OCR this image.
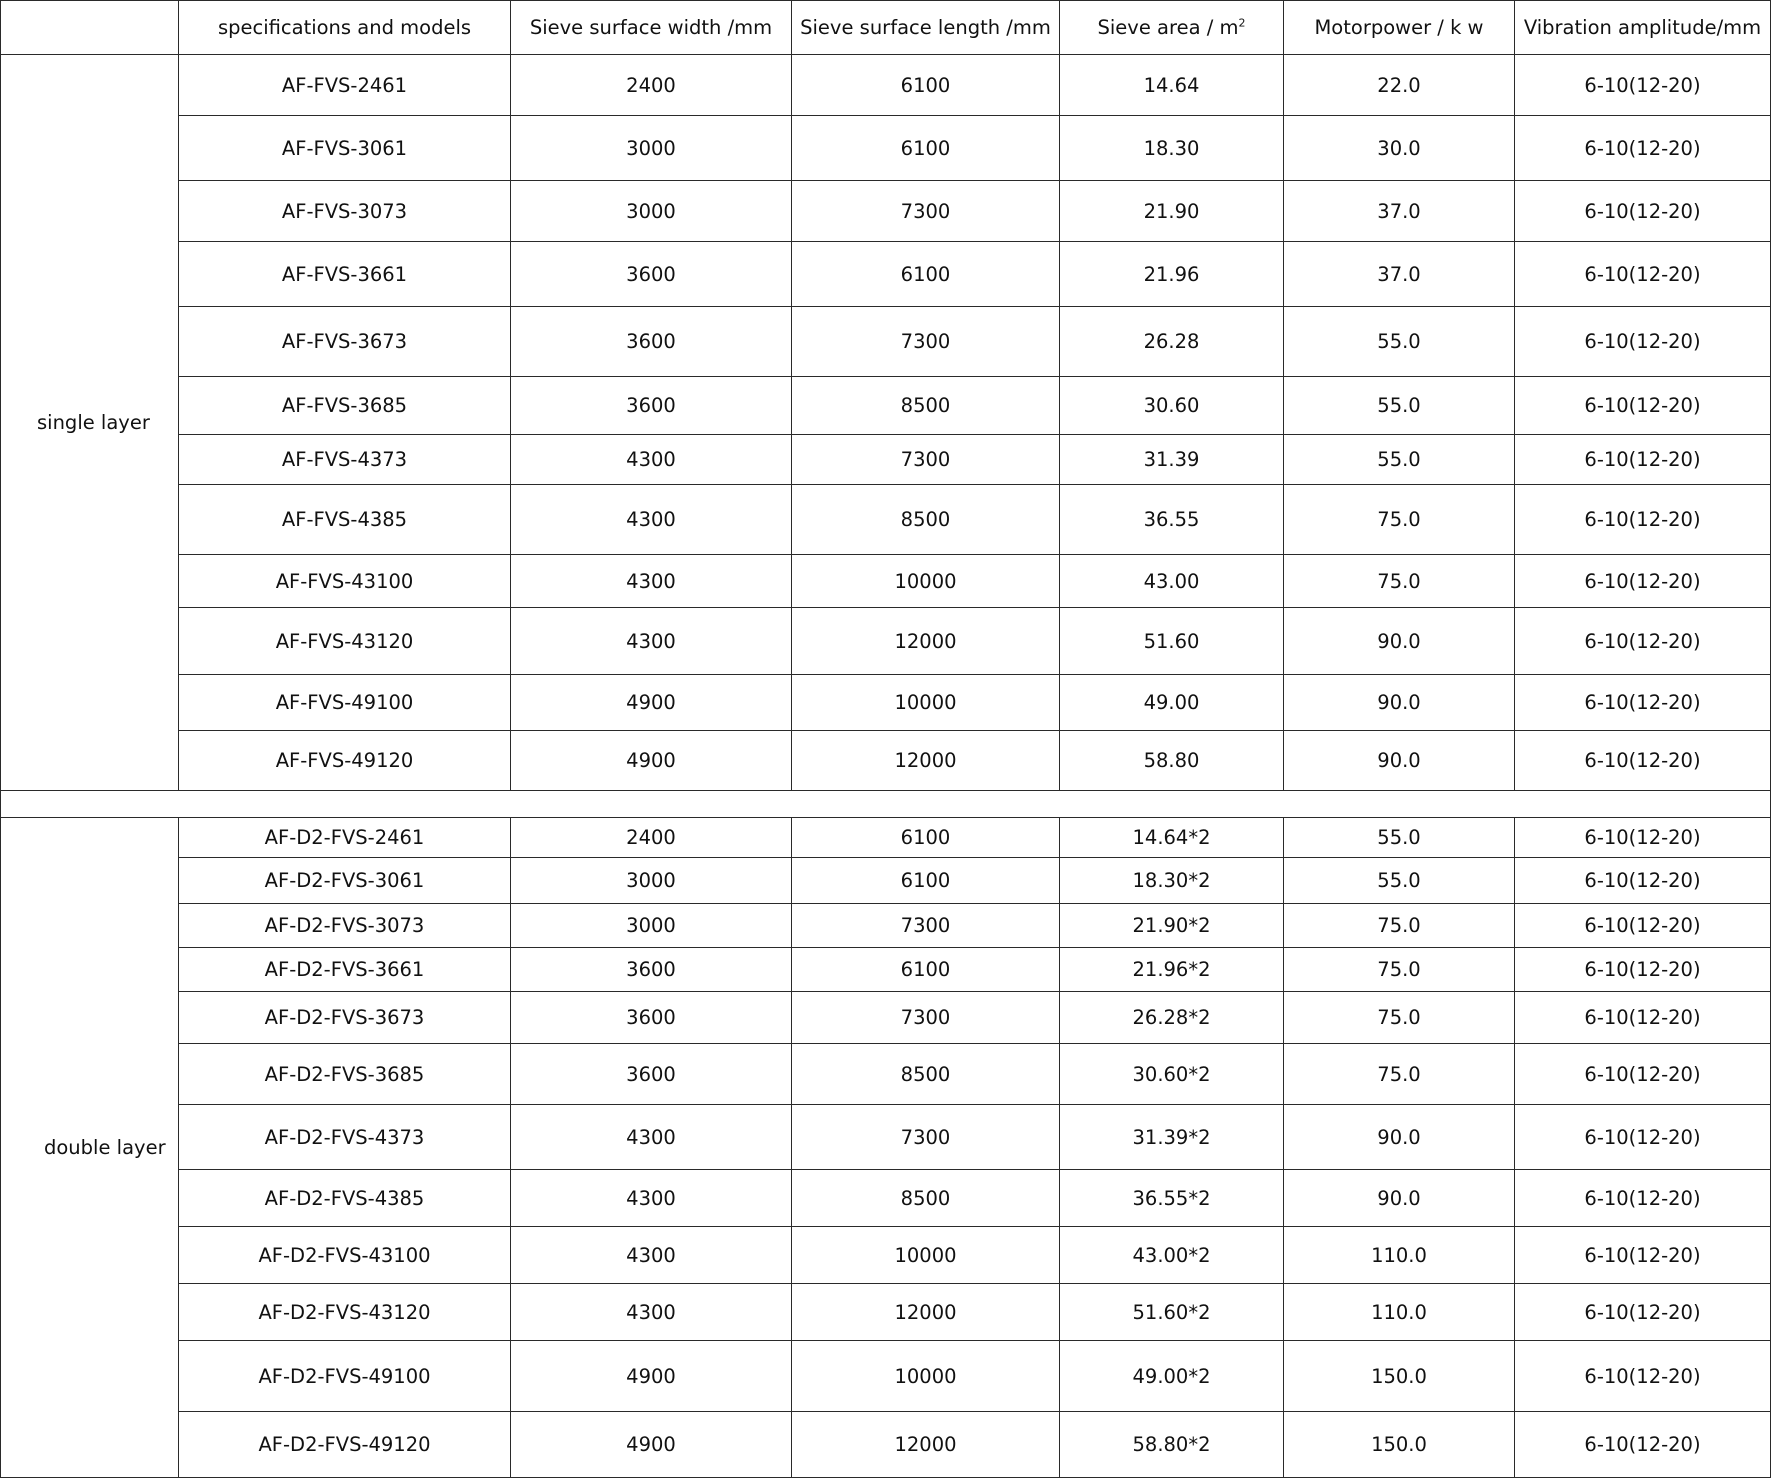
	specifications and models	Sieve surface width /mm	Sieve surface length /mm	Sieve area / $m^2$	Motorpower / k w	Vibration amplitude/mm
single layer	AF-FVS-2461	2400	6100	14.64	22.0	6-10(12-20)
	AF-FVS-3061	3000	6100	18.30	30.0	6-10(12-20)
	AF-FVS-3073	3000	7300	21.90	37.0	6-10(12-20)
	AF-FVS-3661	3600	6100	21.96	37.0	6-10(12-20)
	AF-FVS-3673	3600	7300	26.28	55.0	6-10(12-20)
	AF-FVS-3685	3600	8500	30.60	55.0	6-10(12-20)
	AF-FVS-4373	4300	7300	31.39	55.0	6-10(12-20)
	AF-FVS-4385	4300	8500	36.55	75.0	6-10(12-20)
	AF-FVS-43100	4300	10000	43.00	75.0	6-10(12-20)
	AF-FVS-43120	4300	12000	51.60	90.0	6-10(12-20)
	AF-FVS-49100	4900	10000	49.00	90.0	6-10(12-20)
	AF-FVS-49120	4900	12000	58.80	90.0	6-10(12-20)

double layer	AF-D2-FVS-2461	2400	6100	14.64*2	55.0	6-10(12-20)
	AF-D2-FVS-3061	3000	6100	18.30*2	55.0	6-10(12-20)
	AF-D2-FVS-3073	3000	7300	21.90*2	75.0	6-10(12-20)
	AF-D2-FVS-3661	3600	6100	21.96*2	75.0	6-10(12-20)
	AF-D2-FVS-3673	3600	7300	26.28*2	75.0	6-10(12-20)
	AF-D2-FVS-3685	3600	8500	30.60*2	75.0	6-10(12-20)
	AF-D2-FVS-4373	4300	7300	31.39*2	90.0	6-10(12-20)
	AF-D2-FVS-4385	4300	8500	36.55*2	90.0	6-10(12-20)
	AF-D2-FVS-43100	4300	10000	43.00*2	110.0	6-10(12-20)
	AF-D2-FVS-43120	4300	12000	51.60*2	110.0	6-10(12-20)
	AF-D2-FVS-49100	4900	10000	49.00*2	150.0	6-10(12-20)
	AF-D2-FVS-49120	4900	12000	58.80*2	150.0	6-10(12-20)
